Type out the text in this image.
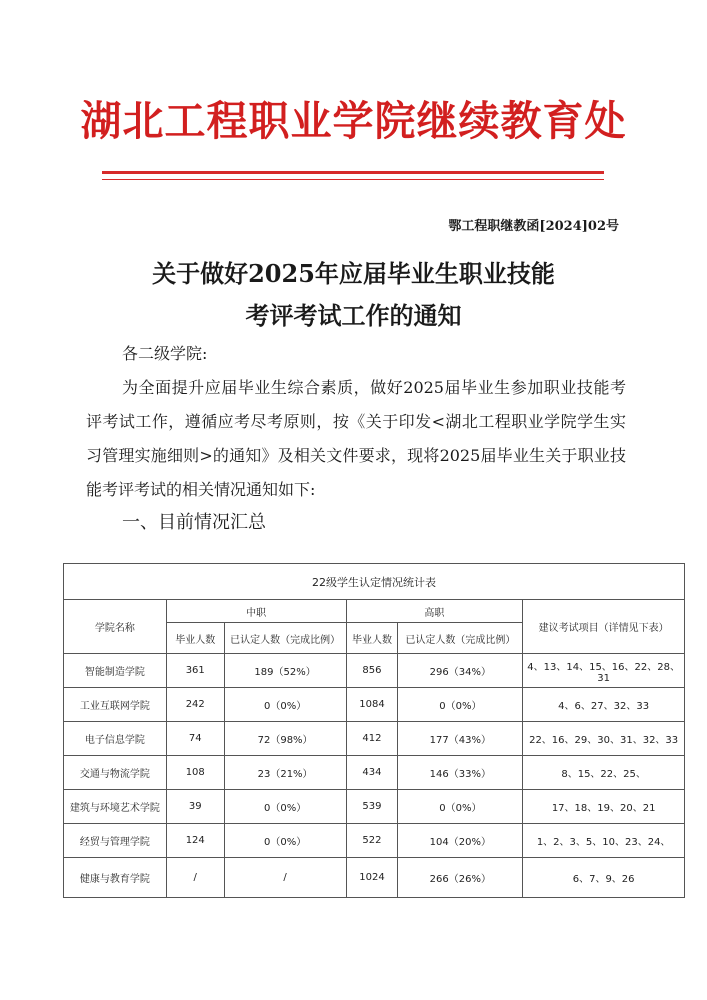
湖北工程职业学院继续教育处
鄂工程职继教函[2024]02号
关于做好2025年应届毕业生职业技能
考评考试工作的通知
各二级学院:
为全面提升应届毕业生综合素质，做好2025届毕业生参加职业技能考评考试工作，遵循应考尽考原则，按《关于印发<湖北工程职业学院学生实习管理实施细则>的通知》及相关文件要求，现将2025届毕业生关于职业技能考评考试的相关情况通知如下:
一、目前情况汇总
22级学生认定情况统计表					
学院名称	中职		高职		建议考试项目（详情见下表）
	毕业人数	已认定人数（完成比例）	毕业人数	已认定人数（完成比例）	
智能制造学院	361	189（52%）	856	296（34%）	4、13、14、15、16、22、28、31
工业互联网学院	242	0（0%）	1084	0（0%）	4、6、27、32、33
电子信息学院	74	72（98%）	412	177（43%）	22、16、29、30、31、32、33
交通与物流学院	108	23（21%）	434	146（33%）	8、15、22、25、
建筑与环境艺术学院	39	0（0%）	539	0（0%）	17、18、19、20、21
经贸与管理学院	124	0（0%）	522	104（20%）	1、2、3、5、10、23、24、
健康与教育学院	/	/	1024	266（26%）	6、7、9、26
